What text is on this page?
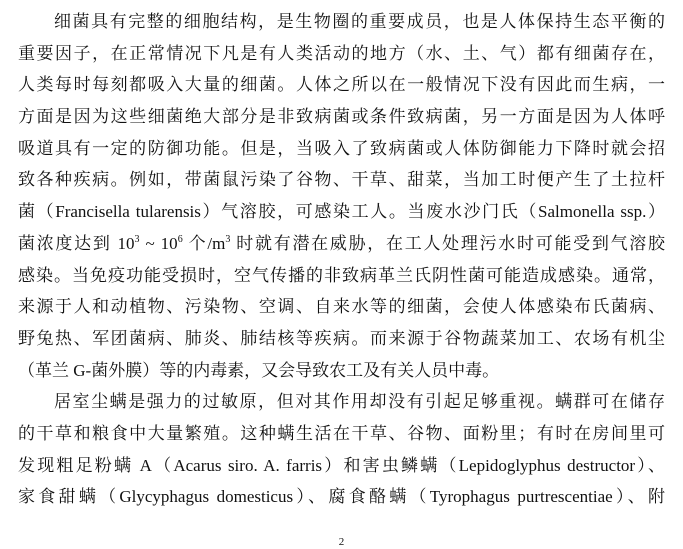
细菌具有完整的细胞结构，是生物圈的重要成员，也是人体保持生态平衡的
重要因子，在正常情况下凡是有人类活动的地方（水、土、气）都有细菌存在，
人类每时每刻都吸入大量的细菌。人体之所以在一般情况下没有因此而生病，一
方面是因为这些细菌绝大部分是非致病菌或条件致病菌，另一方面是因为人体呼
吸道具有一定的防御功能。但是，当吸入了致病菌或人体防御能力下降时就会招
致各种疾病。例如，带菌鼠污染了谷物、干草、甜菜，当加工时便产生了土拉杆
菌（Francisella tularensis）气溶胶，可感染工人。当废水沙门氏（Salmonella ssp.）
菌浓度达到 $10^3$ ~ $10^6$ 个$/m^3$ 时就有潜在威胁，在工人处理污水时可能受到气溶胶
感染。当免疫功能受损时，空气传播的非致病革兰氏阴性菌可能造成感染。通常，
来源于人和动植物、污染物、空调、自来水等的细菌，会使人体感染布氏菌病、
野兔热、军团菌病、肺炎、肺结核等疾病。而来源于谷物蔬菜加工、农场有机尘
（革兰 G-菌外膜）等的内毒素，又会导致农工及有关人员中毒。
居室尘螨是强力的过敏原，但对其作用却没有引起足够重视。螨群可在储存
的干草和粮食中大量繁殖。这种螨生活在干草、谷物、面粉里；有时在房间里可
发现粗足粉螨 A（Acarus siro. A. farris）和害虫鳞螨（Lepidoglyphus destructor）、
家食甜螨（Glycyphagus domesticus）、腐食酪螨（Tyrophagus purtrescentiae）、附
2
